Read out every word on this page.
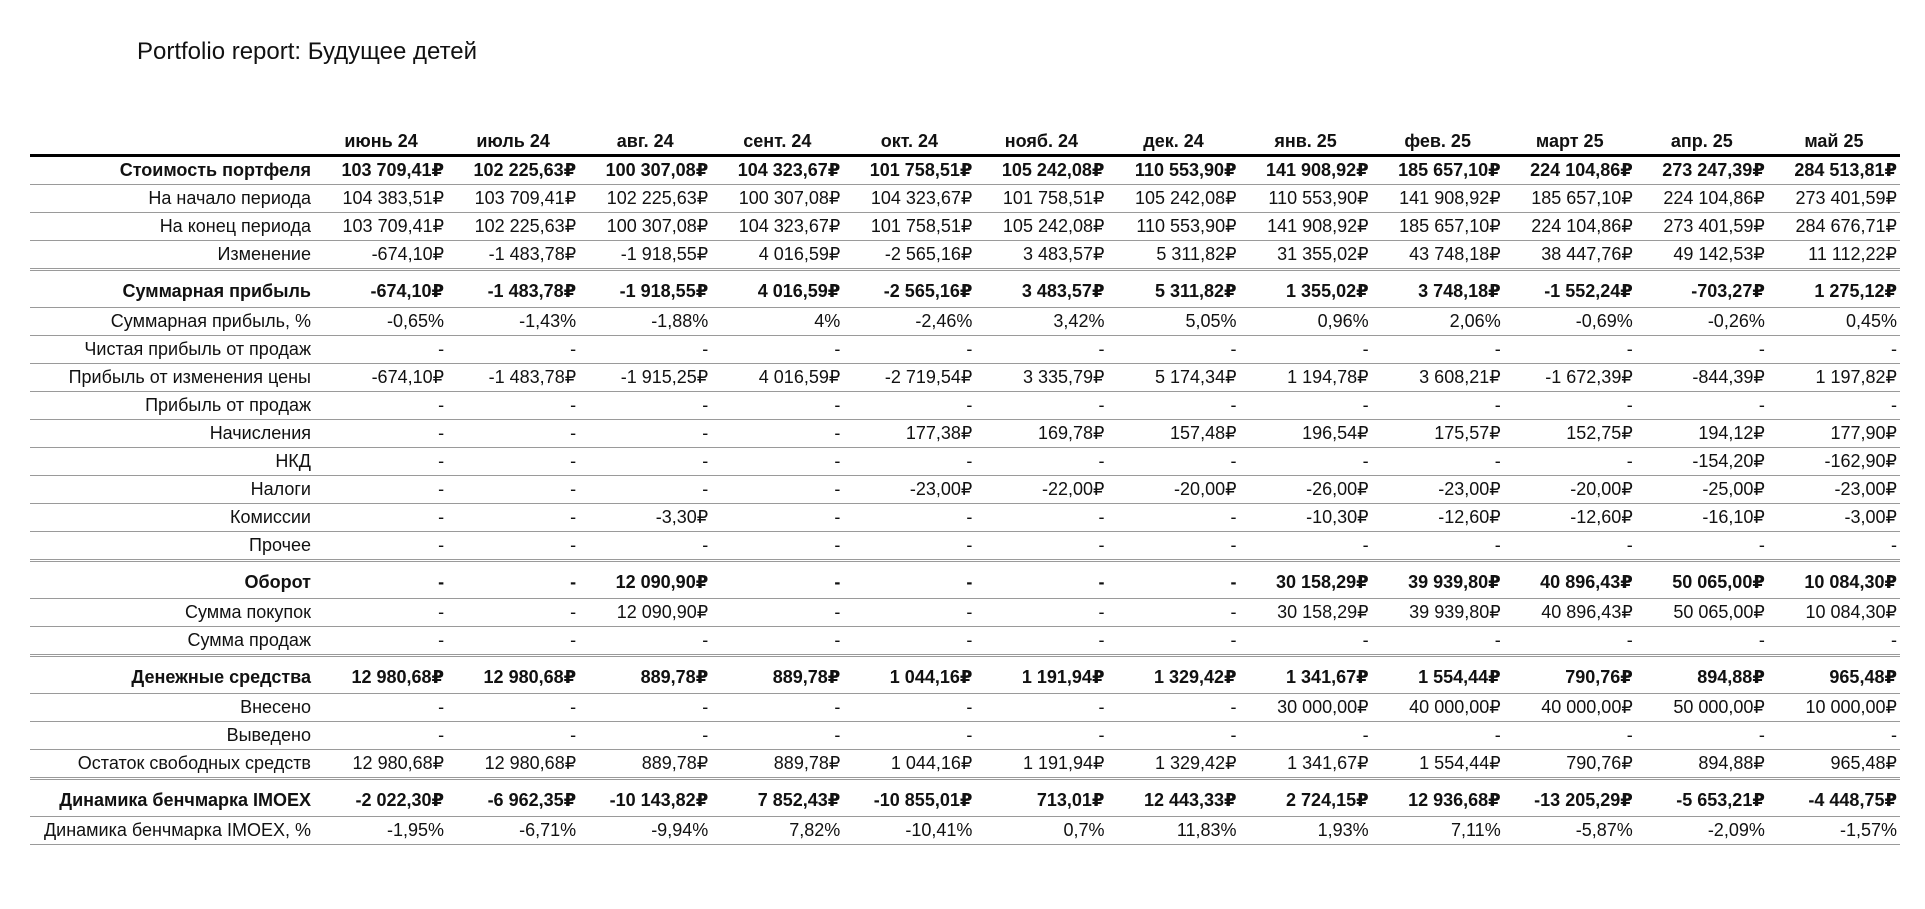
Portfolio report: Будущее детей
	июнь 24	июль 24	авг. 24	сент. 24	окт. 24	нояб. 24	дек. 24	янв. 25	фев. 25	март 25	апр. 25	май 25
Стоимость портфеля	103 709,41₽	102 225,63₽	100 307,08₽	104 323,67₽	101 758,51₽	105 242,08₽	110 553,90₽	141 908,92₽	185 657,10₽	224 104,86₽	273 247,39₽	284 513,81₽
На начало периода	104 383,51₽	103 709,41₽	102 225,63₽	100 307,08₽	104 323,67₽	101 758,51₽	105 242,08₽	110 553,90₽	141 908,92₽	185 657,10₽	224 104,86₽	273 401,59₽
На конец периода	103 709,41₽	102 225,63₽	100 307,08₽	104 323,67₽	101 758,51₽	105 242,08₽	110 553,90₽	141 908,92₽	185 657,10₽	224 104,86₽	273 401,59₽	284 676,71₽
Изменение	-674,10₽	-1 483,78₽	-1 918,55₽	4 016,59₽	-2 565,16₽	3 483,57₽	5 311,82₽	31 355,02₽	43 748,18₽	38 447,76₽	49 142,53₽	11 112,22₽
Суммарная прибыль	-674,10₽	-1 483,78₽	-1 918,55₽	4 016,59₽	-2 565,16₽	3 483,57₽	5 311,82₽	1 355,02₽	3 748,18₽	-1 552,24₽	-703,27₽	1 275,12₽
Суммарная прибыль, %	-0,65%	-1,43%	-1,88%	4%	-2,46%	3,42%	5,05%	0,96%	2,06%	-0,69%	-0,26%	0,45%
Чистая прибыль от продаж	-	-	-	-	-	-	-	-	-	-	-	-
Прибыль от изменения цены	-674,10₽	-1 483,78₽	-1 915,25₽	4 016,59₽	-2 719,54₽	3 335,79₽	5 174,34₽	1 194,78₽	3 608,21₽	-1 672,39₽	-844,39₽	1 197,82₽
Прибыль от продаж	-	-	-	-	-	-	-	-	-	-	-	-
Начисления	-	-	-	-	177,38₽	169,78₽	157,48₽	196,54₽	175,57₽	152,75₽	194,12₽	177,90₽
НКД	-	-	-	-	-	-	-	-	-	-	-154,20₽	-162,90₽
Налоги	-	-	-	-	-23,00₽	-22,00₽	-20,00₽	-26,00₽	-23,00₽	-20,00₽	-25,00₽	-23,00₽
Комиссии	-	-	-3,30₽	-	-	-	-	-10,30₽	-12,60₽	-12,60₽	-16,10₽	-3,00₽
Прочее	-	-	-	-	-	-	-	-	-	-	-	-
Оборот	-	-	12 090,90₽	-	-	-	-	30 158,29₽	39 939,80₽	40 896,43₽	50 065,00₽	10 084,30₽
Сумма покупок	-	-	12 090,90₽	-	-	-	-	30 158,29₽	39 939,80₽	40 896,43₽	50 065,00₽	10 084,30₽
Сумма продаж	-	-	-	-	-	-	-	-	-	-	-	-
Денежные средства	12 980,68₽	12 980,68₽	889,78₽	889,78₽	1 044,16₽	1 191,94₽	1 329,42₽	1 341,67₽	1 554,44₽	790,76₽	894,88₽	965,48₽
Внесено	-	-	-	-	-	-	-	30 000,00₽	40 000,00₽	40 000,00₽	50 000,00₽	10 000,00₽
Выведено	-	-	-	-	-	-	-	-	-	-	-	-
Остаток свободных средств	12 980,68₽	12 980,68₽	889,78₽	889,78₽	1 044,16₽	1 191,94₽	1 329,42₽	1 341,67₽	1 554,44₽	790,76₽	894,88₽	965,48₽
Динамика бенчмарка IMOEX	-2 022,30₽	-6 962,35₽	-10 143,82₽	7 852,43₽	-10 855,01₽	713,01₽	12 443,33₽	2 724,15₽	12 936,68₽	-13 205,29₽	-5 653,21₽	-4 448,75₽
Динамика бенчмарка IMOEX, %	-1,95%	-6,71%	-9,94%	7,82%	-10,41%	0,7%	11,83%	1,93%	7,11%	-5,87%	-2,09%	-1,57%
